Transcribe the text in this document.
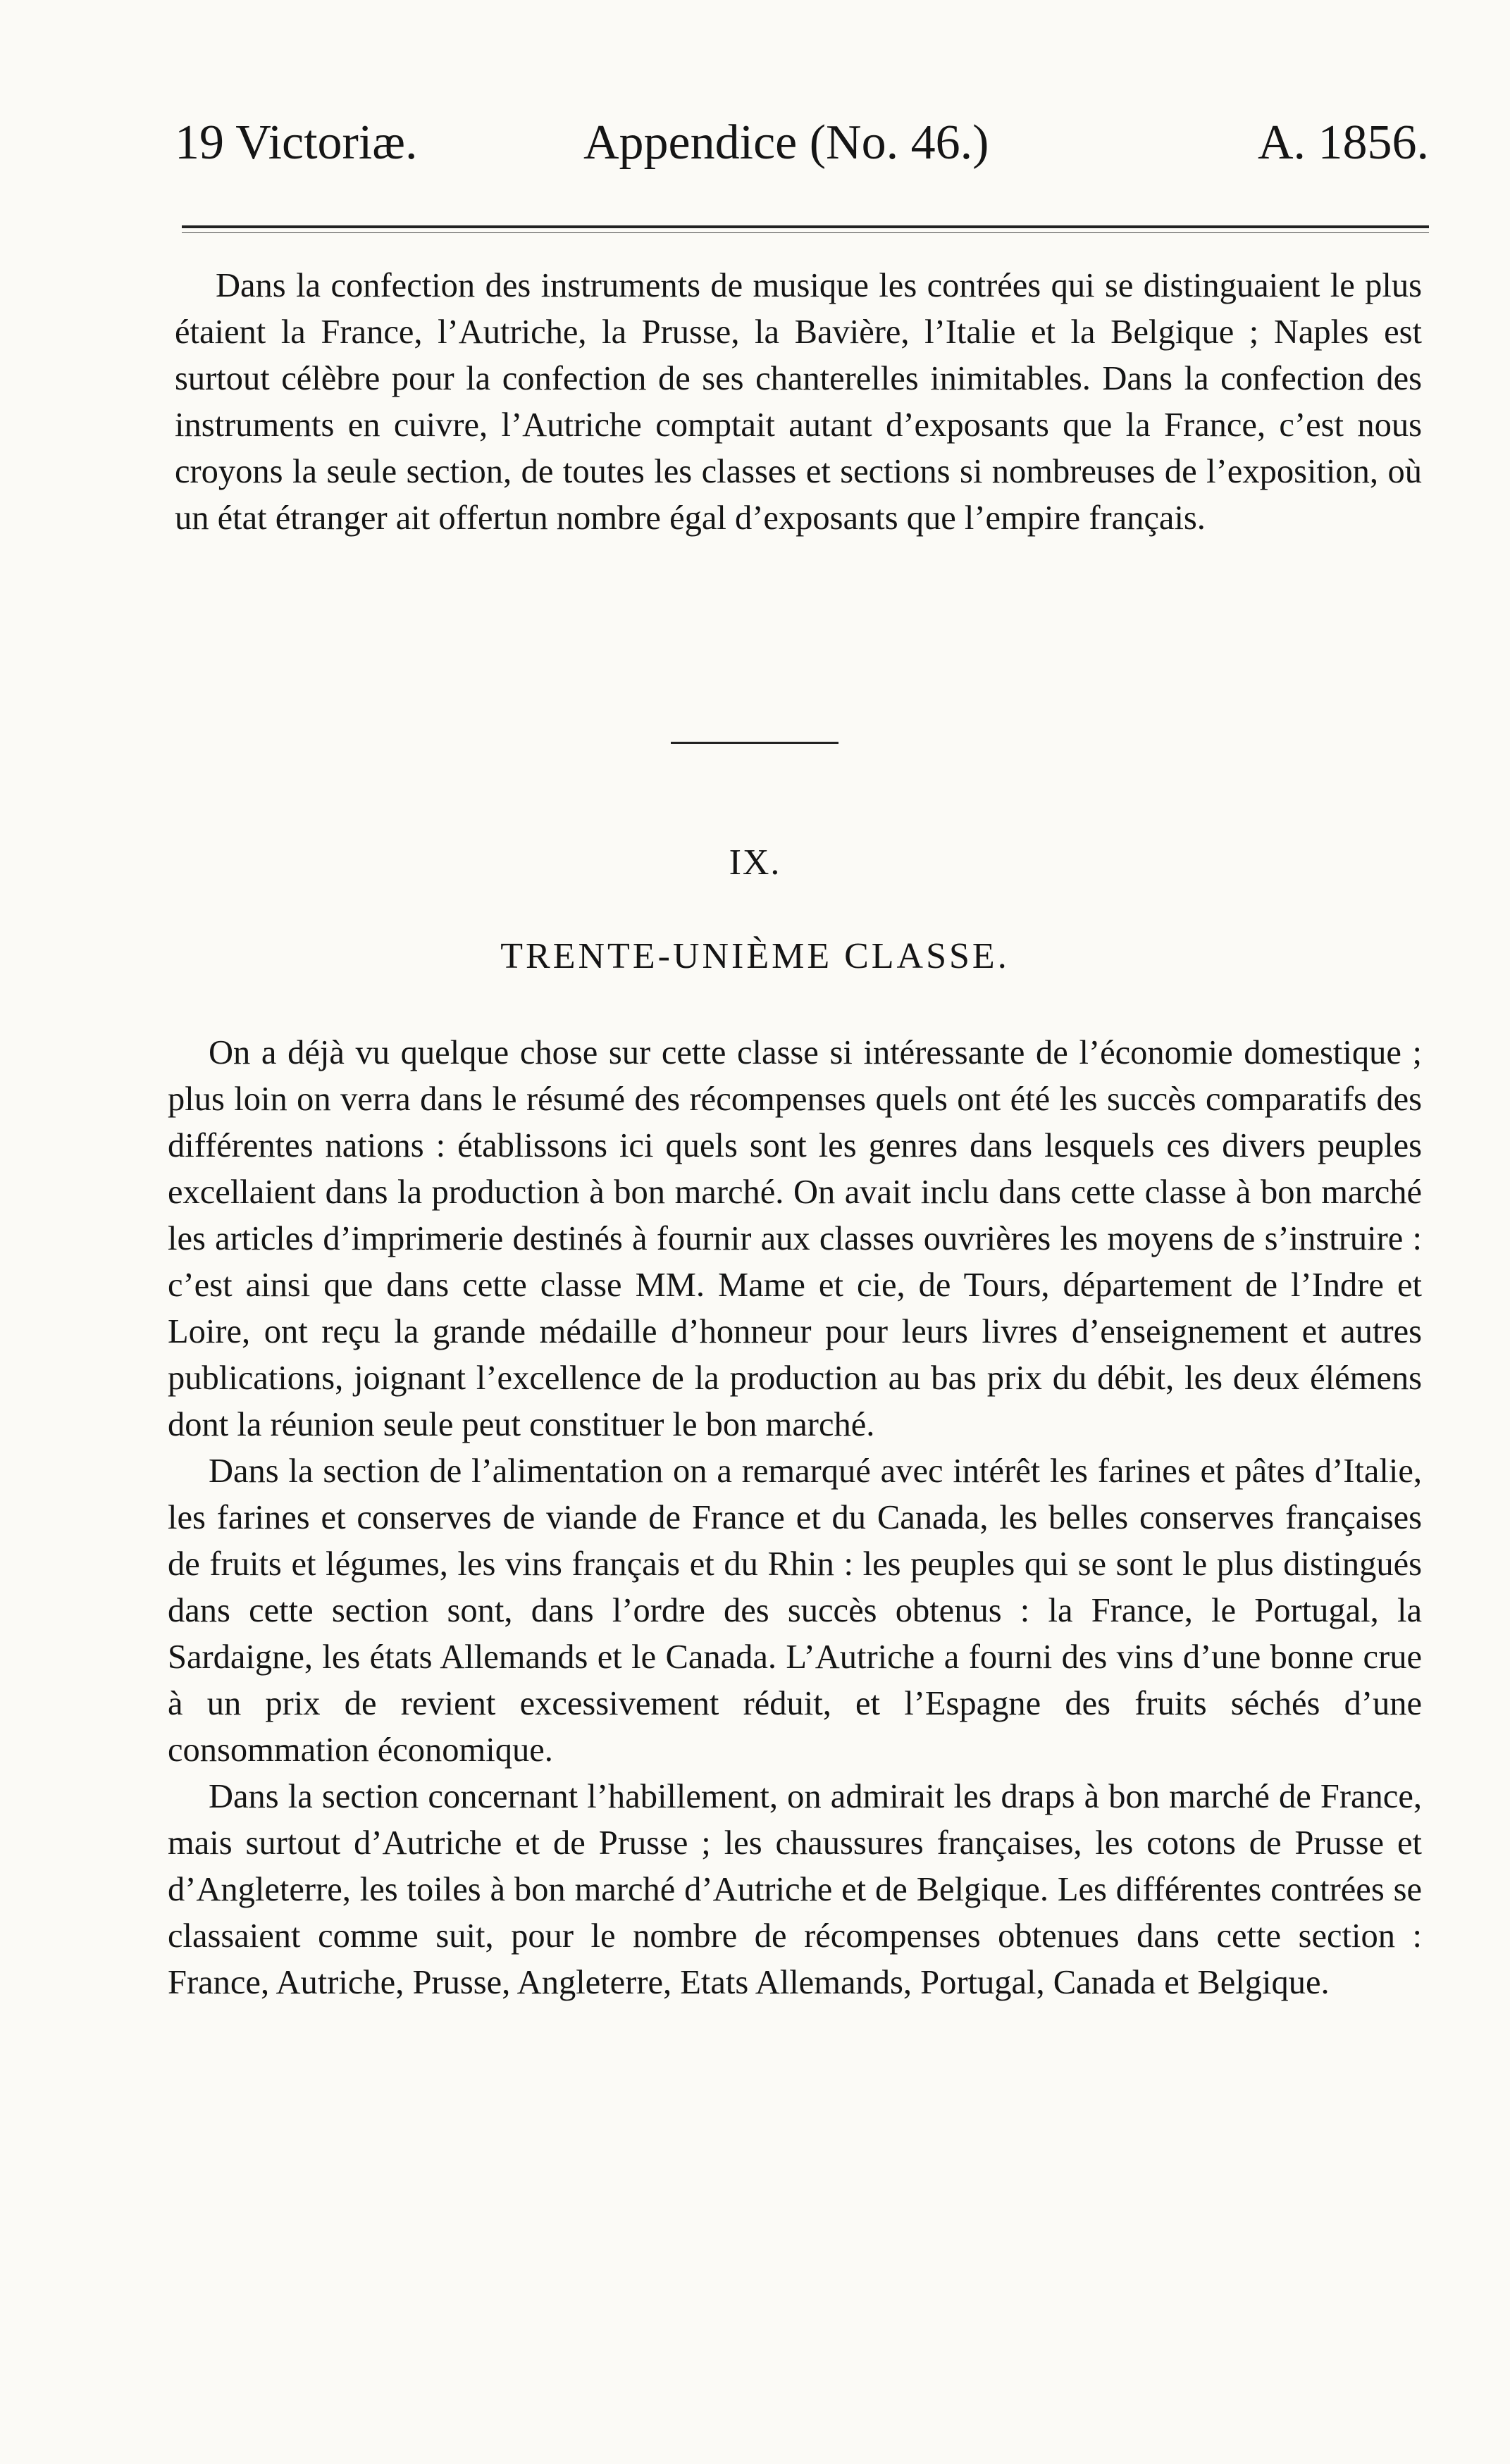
19 Victoriæ.	Appendice (No. 46.)	A. 1856.

Dans la confection des instruments de musique les contrées qui se distinguaient le plus étaient la France, l’Autriche, la Prusse, la Bavière, l’Italie et la Belgique ; Naples est surtout célèbre pour la confection de ses chanterelles inimitables. Dans la confection des instruments en cuivre, l’Autriche comptait autant d’exposants que la France, c’est nous croyons la seule section, de toutes les classes et sections si nombreuses de l’exposition, où un état étranger ait offertun nombre égal d’exposants que l’empire français.

IX.
TRENTE-UNIÈME CLASSE.

On a déjà vu quelque chose sur cette classe si intéressante de l’économie domestique ; plus loin on verra dans le résumé des récompenses quels ont été les succès comparatifs des différentes nations : établissons ici quels sont les genres dans lesquels ces divers peuples excellaient dans la production à bon marché. On avait inclu dans cette classe à bon marché les articles d’imprimerie destinés à fournir aux classes ouvrières les moyens de s’instruire : c’est ainsi que dans cette classe MM. Mame et cie, de Tours, département de l’Indre et Loire, ont reçu la grande médaille d’honneur pour leurs livres d’enseignement et autres publications, joignant l’excellence de la production au bas prix du débit, les deux élémens dont la réunion seule peut constituer le bon marché.

Dans la section de l’alimentation on a remarqué avec intérêt les farines et pâtes d’Italie, les farines et conserves de viande de France et du Canada, les belles conserves françaises de fruits et légumes, les vins français et du Rhin : les peuples qui se sont le plus distingués dans cette section sont, dans l’ordre des succès obtenus : la France, le Portugal, la Sardaigne, les états Allemands et le Canada. L’Autriche a fourni des vins d’une bonne crue à un prix de revient excessivement réduit, et l’Espagne des fruits séchés d’une consommation économique.

Dans la section concernant l’habillement, on admirait les draps à bon marché de France, mais surtout d’Autriche et de Prusse ; les chaussures françaises, les cotons de Prusse et d’Angleterre, les toiles à bon marché d’Autriche et de Belgique. Les différentes contrées se classaient comme suit, pour le nombre de récompenses obtenues dans cette section : France, Autriche, Prusse, Angleterre, Etats Allemands, Portugal, Canada et Belgique.
